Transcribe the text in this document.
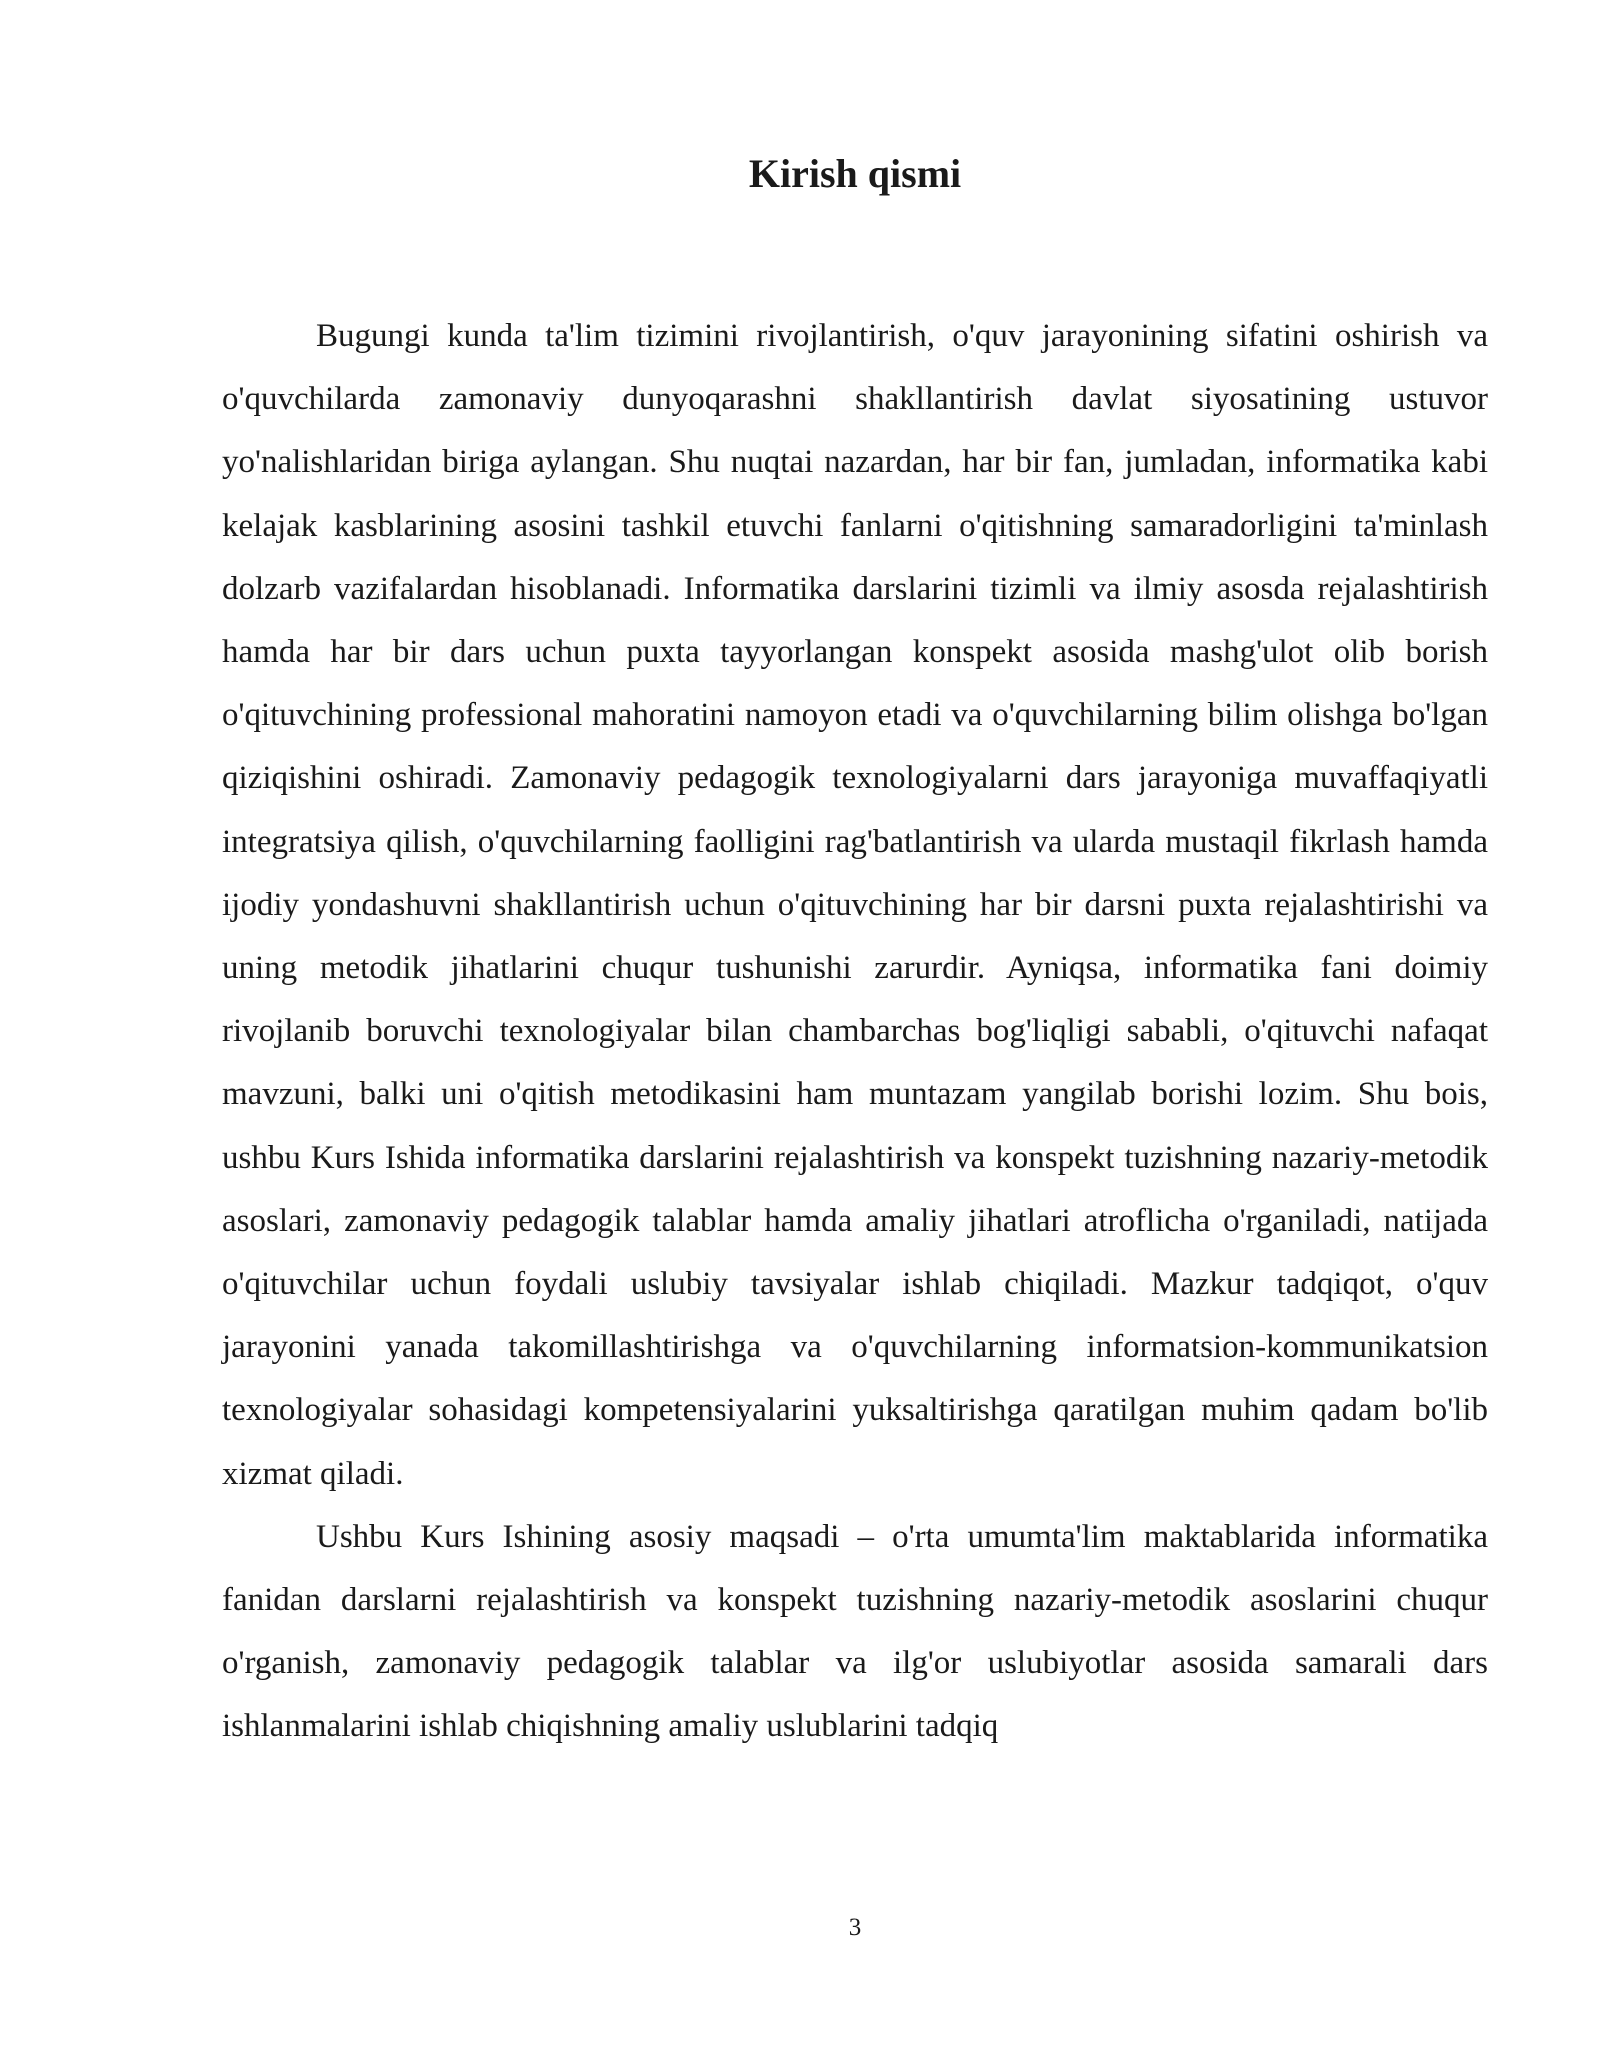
Kirish qismi

Bugungi kunda ta'lim tizimini rivojlantirish, o'quv jarayonining sifatini oshirish va o'quvchilarda zamonaviy dunyoqarashni shakllantirish davlat siyosatining ustuvor yo'nalishlaridan biriga aylangan. Shu nuqtai nazardan, har bir fan, jumladan, informatika kabi kelajak kasblarining asosini tashkil etuvchi fanlarni o'qitishning samaradorligini ta'minlash dolzarb vazifalardan hisoblanadi. Informatika darslarini tizimli va ilmiy asosda rejalashtirish hamda har bir dars uchun puxta tayyorlangan konspekt asosida mashg'ulot olib borish o'qituvchining professional mahoratini namoyon etadi va o'quvchilarning bilim olishga bo'lgan qiziqishini oshiradi. Zamonaviy pedagogik texnologiyalarni dars jarayoniga muvaffaqiyatli integratsiya qilish, o'quvchilarning faolligini rag'batlantirish va ularda mustaqil fikrlash hamda ijodiy yondashuvni shakllantirish uchun o'qituvchining har bir darsni puxta rejalashtirishi va uning metodik jihatlarini chuqur tushunishi zarurdir. Ayniqsa, informatika fani doimiy rivojlanib boruvchi texnologiyalar bilan chambarchas bog'liqligi sababli, o'qituvchi nafaqat mavzuni, balki uni o'qitish metodikasini ham muntazam yangilab borishi lozim. Shu bois, ushbu Kurs Ishida informatika darslarini rejalashtirish va konspekt tuzishning nazariy-metodik asoslari, zamonaviy pedagogik talablar hamda amaliy jihatlari atroflicha o'rganiladi, natijada o'qituvchilar uchun foydali uslubiy tavsiyalar ishlab chiqiladi. Mazkur tadqiqot, o'quv jarayonini yanada takomillashtirishga va o'quvchilarning informatsion-kommunikatsion texnologiyalar sohasidagi kompetensiyalarini yuksaltirishga qaratilgan muhim qadam bo'lib xizmat qiladi.

Ushbu Kurs Ishining asosiy maqsadi – o'rta umumta'lim maktablarida informatika fanidan darslarni rejalashtirish va konspekt tuzishning nazariy-metodik asoslarini chuqur o'rganish, zamonaviy pedagogik talablar va ilg'or uslubiyotlar asosida samarali dars ishlanmalarini ishlab chiqishning amaliy uslublarini tadqiq

3
